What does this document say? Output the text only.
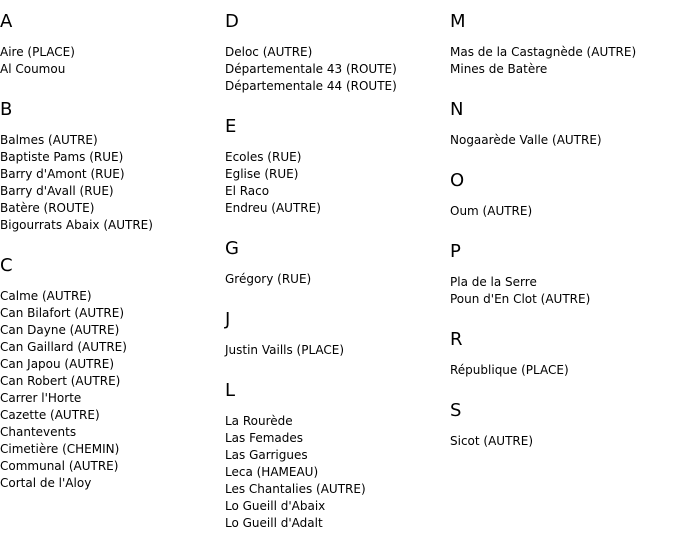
A
Aire (PLACE)
Al Coumou
B
Balmes (AUTRE)
Baptiste Pams (RUE)
Barry d'Amont (RUE)
Barry d'Avall (RUE)
Batère (ROUTE)
Bigourrats Abaix (AUTRE)
C
Calme (AUTRE)
Can Bilafort (AUTRE)
Can Dayne (AUTRE)
Can Gaillard (AUTRE)
Can Japou (AUTRE)
Can Robert (AUTRE)
Carrer l'Horte
Cazette (AUTRE)
Chantevents
Cimetière (CHEMIN)
Communal (AUTRE)
Cortal de l'Aloy
D
Deloc (AUTRE)
Départementale 43 (ROUTE)
Départementale 44 (ROUTE)
E
Ecoles (RUE)
Eglise (RUE)
El Raco
Endreu (AUTRE)
G
Grégory (RUE)
J
Justin Vaills (PLACE)
L
La Rourède
Las Femades
Las Garrigues
Leca (HAMEAU)
Les Chantalies (AUTRE)
Lo Gueill d'Abaix
Lo Gueill d'Adalt
M
Mas de la Castagnède (AUTRE)
Mines de Batère
N
Nogaarède Valle (AUTRE)
O
Oum (AUTRE)
P
Pla de la Serre
Poun d'En Clot (AUTRE)
R
République (PLACE)
S
Sicot (AUTRE)
